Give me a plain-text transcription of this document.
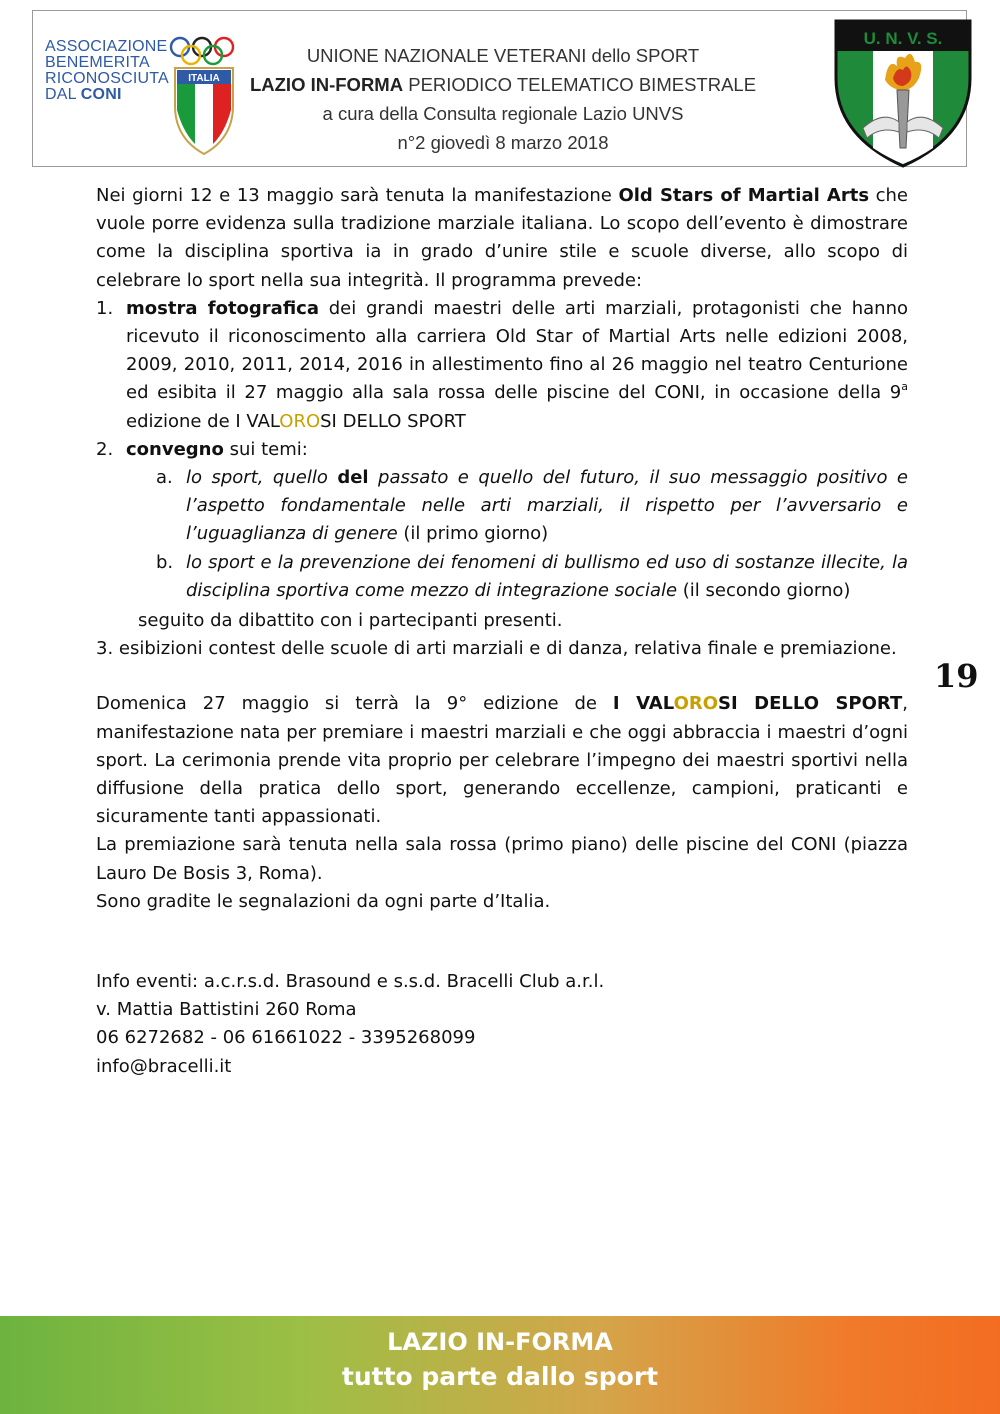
ASSOCIAZIONE
BENEMERITA
RICONOSCIUTA
DAL CONI
ITALIA
UNIONE NAZIONALE VETERANI dello SPORT
LAZIO IN-FORMA PERIODICO TELEMATICO BIMESTRALE
a cura della Consulta regionale Lazio UNVS
n°2 giovedì 8 marzo 2018
U. N. V. S.

Nei giorni 12 e 13 maggio sarà tenuta la manifestazione Old Stars of Martial Arts che vuole porre evidenza sulla tradizione marziale italiana. Lo scopo dell’evento è dimostrare come la disciplina sportiva ia in grado d’unire stile e scuole diverse, allo scopo di celebrare lo sport nella sua integrità. Il programma prevede:

1. mostra fotografica dei grandi maestri delle arti marziali, protagonisti che hanno ricevuto il riconoscimento alla carriera Old Star of Martial Arts nelle edizioni 2008, 2009, 2010, 2011, 2014, 2016 in allestimento fino al 26 maggio nel teatro Centurione ed esibita il 27 maggio alla sala rossa delle piscine del CONI, in occasione della 9$^a$ edizione de I VALOROSI DELLO SPORT
2. convegno sui temi:
a. lo sport, quello del passato e quello del futuro, il suo messaggio positivo e l’aspetto fondamentale nelle arti marziali, il rispetto per l’avversario e l’uguaglianza di genere (il primo giorno)
b. lo sport e la prevenzione dei fenomeni di bullismo ed uso di sostanze illecite, la disciplina sportiva come mezzo di integrazione sociale (il secondo giorno)
seguito da dibattito con i partecipanti presenti.

3. esibizioni contest delle scuole di arti marziali e di danza, relativa finale e premiazione.

Domenica 27 maggio si terrà la 9° edizione de I VALOROSI DELLO SPORT, manifestazione nata per premiare i maestri marziali e che oggi abbraccia i maestri d’ogni sport. La cerimonia prende vita proprio per celebrare l’impegno dei maestri sportivi nella diffusione della pratica dello sport, generando eccellenze, campioni, praticanti e sicuramente tanti appassionati.

La premiazione sarà tenuta nella sala rossa (primo piano) delle piscine del CONI (piazza Lauro De Bosis 3, Roma).

Sono gradite le segnalazioni da ogni parte d’Italia.

Info eventi: a.c.r.s.d. Brasound e s.s.d. Bracelli Club a.r.l.

v. Mattia Battistini 260 Roma

06 6272682 - 06 61661022 - 3395268099

info@bracelli.it

19
LAZIO IN-FORMA
tutto parte dallo sport
